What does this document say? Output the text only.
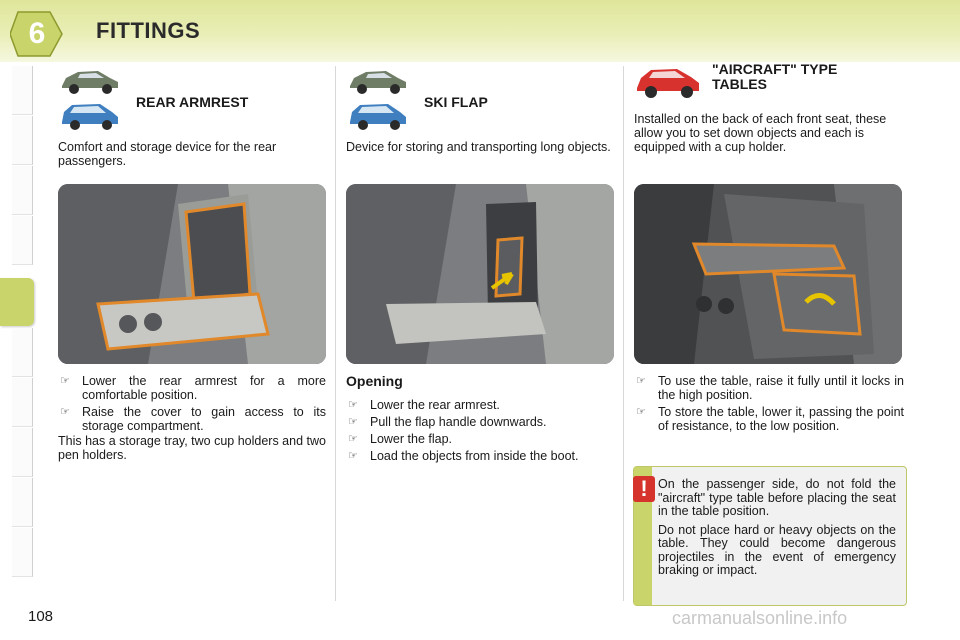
6	FITTINGS
REAR ARMREST
Comfort and storage device for the rear passengers.
☞ Lower the rear armrest for a more comfortable position.
☞ Raise the cover to gain access to its storage compartment.
This has a storage tray, two cup holders and two pen holders.
SKI FLAP
Device for storing and transporting long objects.
Opening
☞ Lower the rear armrest.
☞ Pull the flap handle downwards.
☞ Lower the flap.
☞ Load the objects from inside the boot.
"AIRCRAFT" TYPE
TABLES
Installed on the back of each front seat, these allow you to set down objects and each is equipped with a cup holder.
☞ To use the table, raise it fully until it locks in the high position.
☞ To store the table, lower it, passing the point of resistance, to the low position.
! On the passenger side, do not fold the "aircraft" type table before placing the seat in the table position.

Do not place hard or heavy objects on the table. They could become dangerous projectiles in the event of emergency braking or impact.

108	carmanualsonline.info
